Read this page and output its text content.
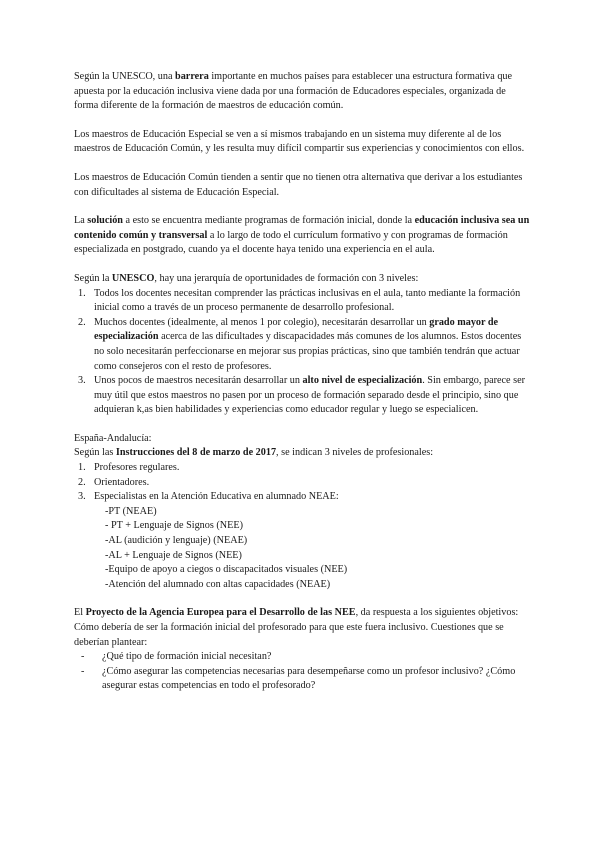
Según la UNESCO, una barrera importante en muchos países para establecer una estructura formativa que apuesta por la educación inclusiva viene dada por una formación de Educadores especiales, organizada de forma diferente de la formación de maestros de educación común.

Los maestros de Educación Especial se ven a sí mismos trabajando en un sistema muy diferente al de los maestros de Educación Común, y les resulta muy difícil compartir sus experiencias y conocimientos con ellos.

Los maestros de Educación Común tienden a sentir que no tienen otra alternativa que derivar a los estudiantes con dificultades al sistema de Educación Especial.

La solución a esto se encuentra mediante programas de formación inicial, donde la educación inclusiva sea un contenido común y transversal a lo largo de todo el currículum formativo y con programas de formación especializada en postgrado, cuando ya el docente haya tenido una experiencia en el aula.

Según la UNESCO, hay una jerarquía de oportunidades de formación con 3 niveles:

1. Todos los docentes necesitan comprender las prácticas inclusivas en el aula, tanto mediante la formación inicial como a través de un proceso permanente de desarrollo profesional.
2. Muchos docentes (idealmente, al menos 1 por colegio), necesitarán desarrollar un grado mayor de especialización acerca de las dificultades y discapacidades más comunes de los alumnos. Estos docentes no solo necesitarán perfeccionarse en mejorar sus propias prácticas, sino que también tendrán que actuar como consejeros con el resto de profesores.
3. Unos pocos de maestros necesitarán desarrollar un alto nivel de especialización. Sin embargo, parece ser muy útil que estos maestros no pasen por un proceso de formación separado desde el principio, sino que adquieran k,as bien habilidades y experiencias como educador regular y luego se especialicen.

España-Andalucía:

Según las Instrucciones del 8 de marzo de 2017, se indican 3 niveles de profesionales:

1. Profesores regulares.
2. Orientadores.
3. Especialistas en la Atención Educativa en alumnado NEAE:

-PT (NEAE)

- PT + Lenguaje de Signos (NEE)

-AL (audición y lenguaje) (NEAE)

-AL + Lenguaje de Signos (NEE)

-Equipo de apoyo a ciegos o discapacitados visuales (NEE)

-Atención del alumnado con altas capacidades (NEAE)

El Proyecto de la Agencia Europea para el Desarrollo de las NEE, da respuesta a los siguientes objetivos:

Cómo debería de ser la formación inicial del profesorado para que este fuera inclusivo. Cuestiones que se deberían plantear:

- ¿Qué tipo de formación inicial necesitan?

- ¿Cómo asegurar las competencias necesarias para desempeñarse como un profesor inclusivo? ¿Cómo asegurar estas competencias en todo el profesorado?
